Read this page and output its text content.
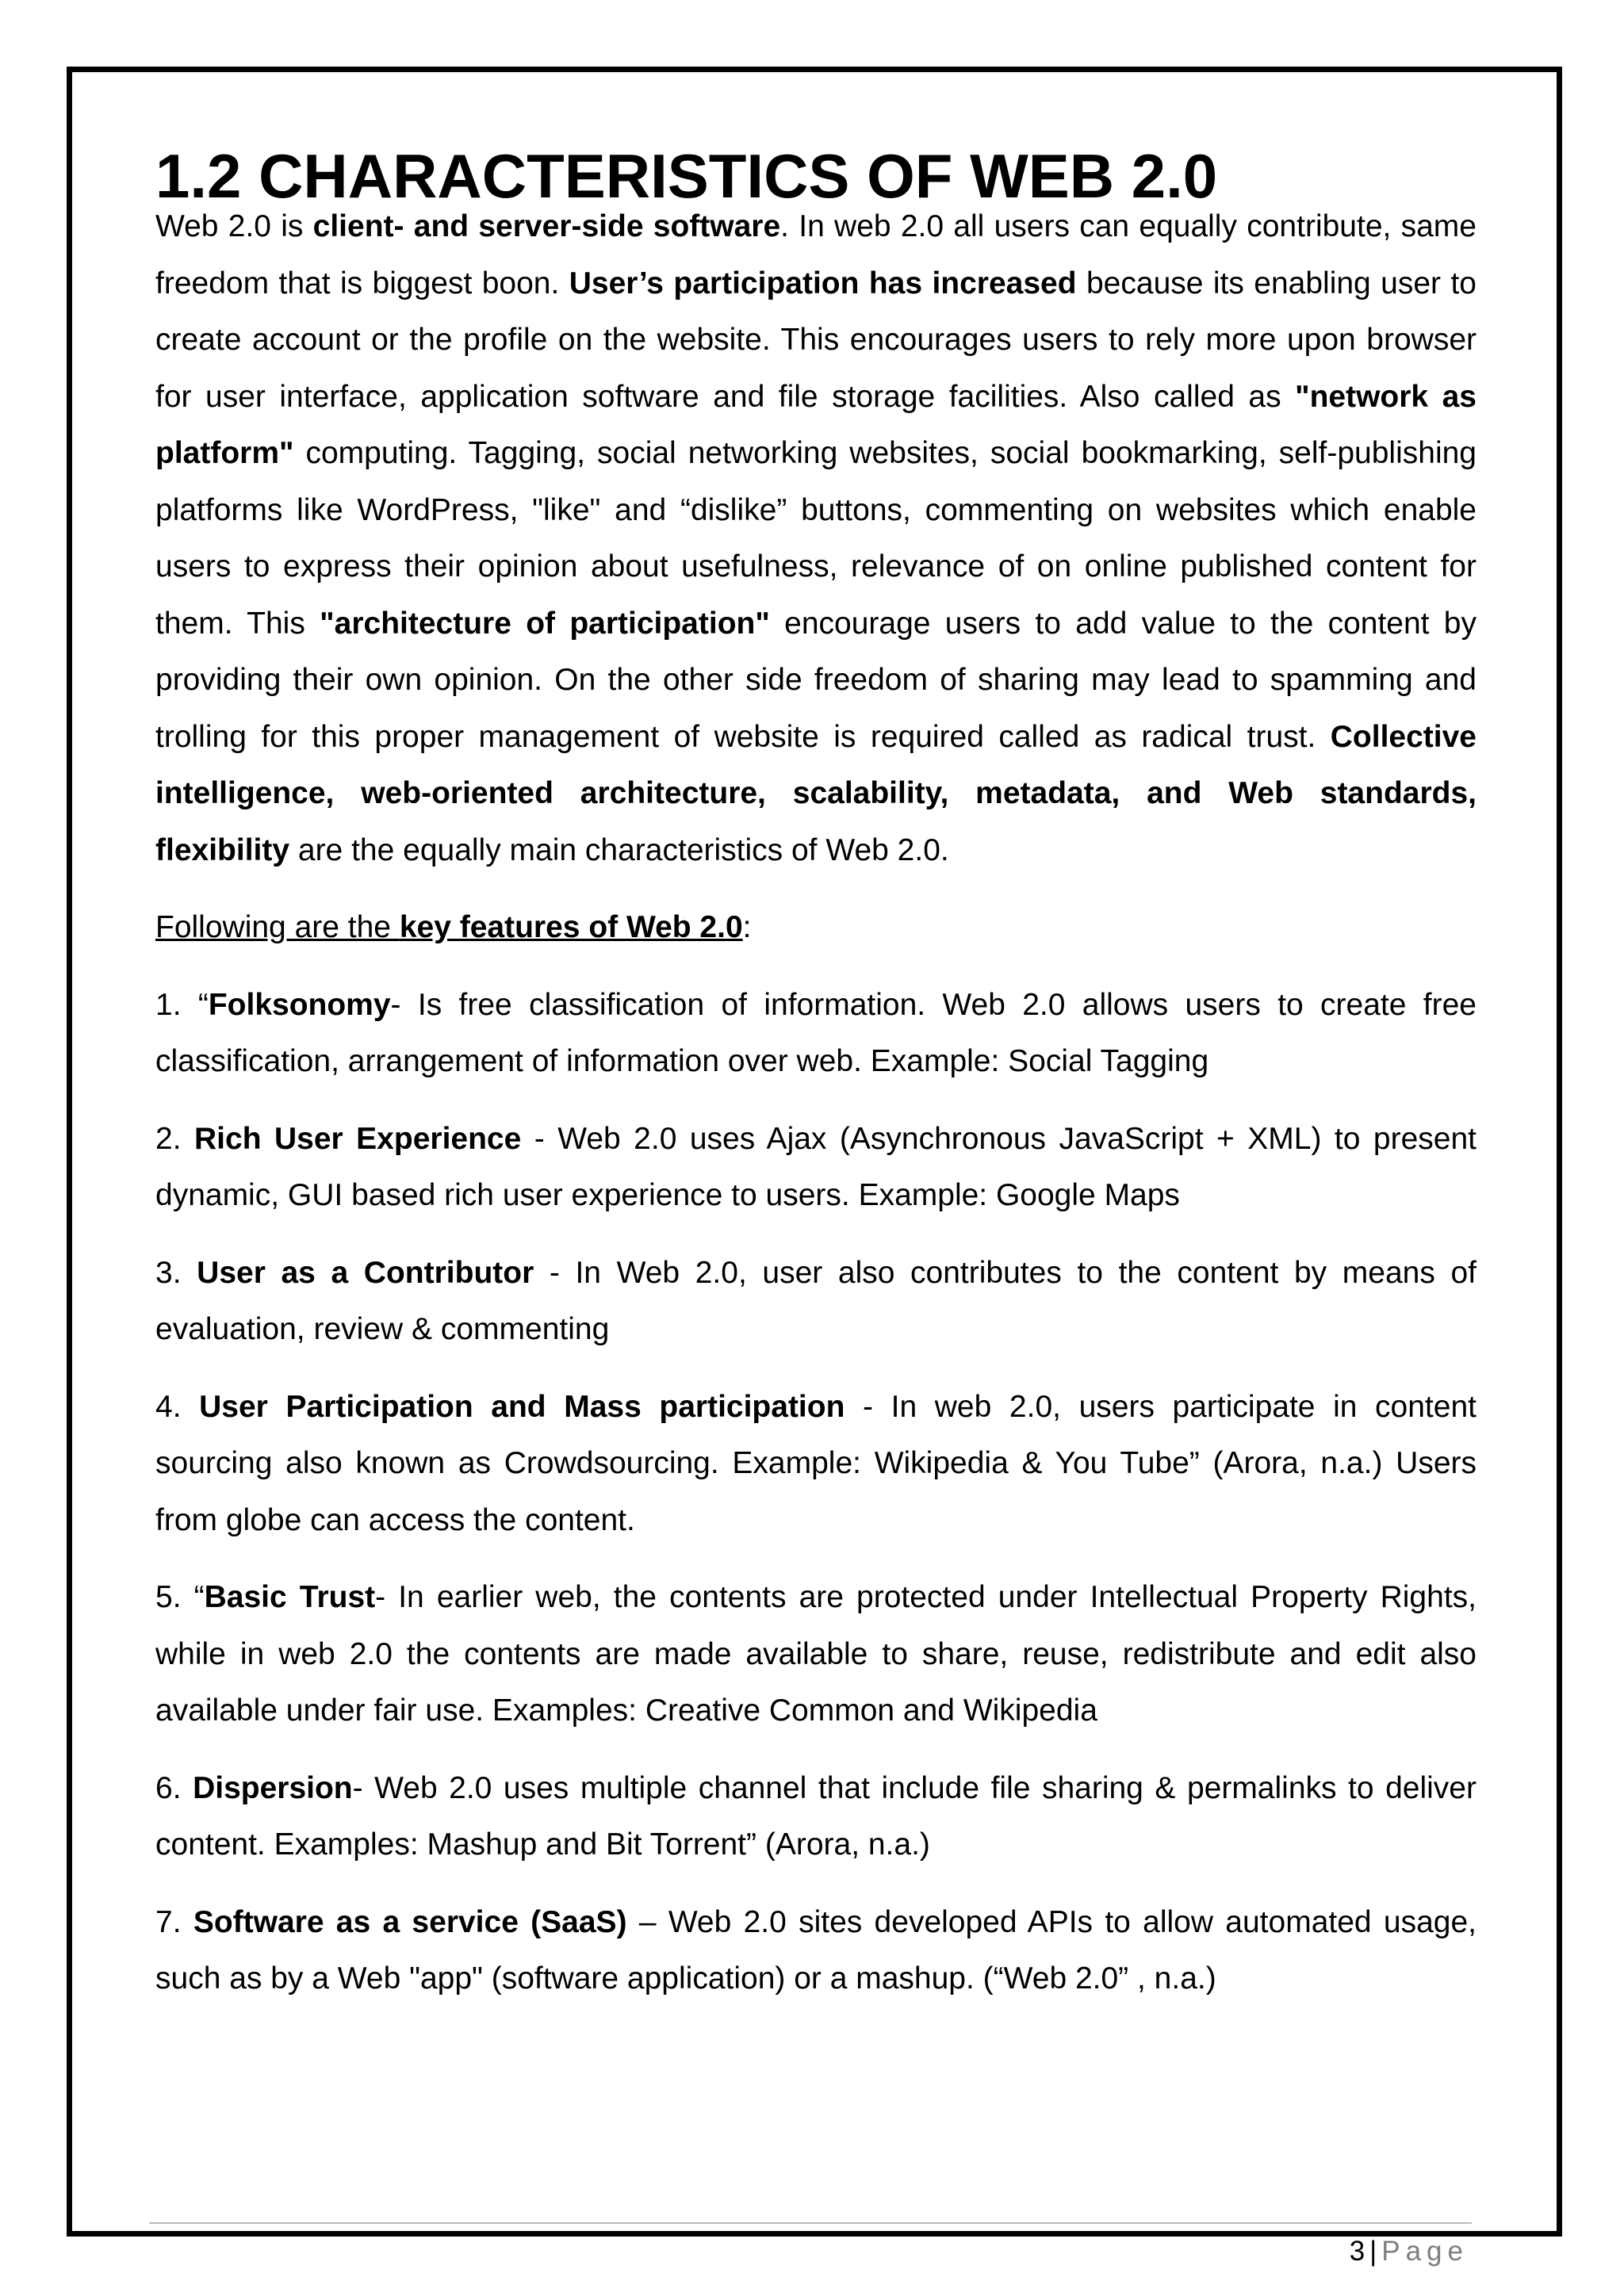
1.2 CHARACTERISTICS OF WEB 2.0

Web 2.0 is client- and server-side software. In web 2.0 all users can equally contribute, same freedom that is biggest boon. User’s participation has increased because its enabling user to create account or the profile on the website. This encourages users to rely more upon browser for user interface, application software and file storage facilities. Also called as "network as platform" computing. Tagging, social networking websites, social bookmarking, self-publishing platforms like WordPress, "like" and “dislike” buttons, commenting on websites which enable users to express their opinion about usefulness, relevance of on online published content for them. This "architecture of participation" encourage users to add value to the content by providing their own opinion. On the other side freedom of sharing may lead to spamming and trolling for this proper management of website is required called as radical trust. Collective intelligence, web-oriented architecture, scalability, metadata, and Web standards, flexibility are the equally main characteristics of Web 2.0.

Following are the key features of Web 2.0:

1. “Folksonomy- Is free classification of information. Web 2.0 allows users to create free classification, arrangement of information over web. Example: Social Tagging

2. Rich User Experience - Web 2.0 uses Ajax (Asynchronous JavaScript + XML) to present dynamic, GUI based rich user experience to users. Example: Google Maps

3. User as a Contributor - In Web 2.0, user also contributes to the content by means of evaluation, review & commenting

4. User Participation and Mass participation - In web 2.0, users participate in content sourcing also known as Crowdsourcing. Example: Wikipedia & You Tube” (Arora, n.a.) Users from globe can access the content.

5. “Basic Trust- In earlier web, the contents are protected under Intellectual Property Rights, while in web 2.0 the contents are made available to share, reuse, redistribute and edit also available under fair use. Examples: Creative Common and Wikipedia

6. Dispersion- Web 2.0 uses multiple channel that include file sharing & permalinks to deliver content. Examples: Mashup and Bit Torrent” (Arora, n.a.)

7. Software as a service (SaaS) – Web 2.0 sites developed APIs to allow automated usage, such as by a Web "app" (software application) or a mashup. (“Web 2.0” , n.a.)

3 | Page
